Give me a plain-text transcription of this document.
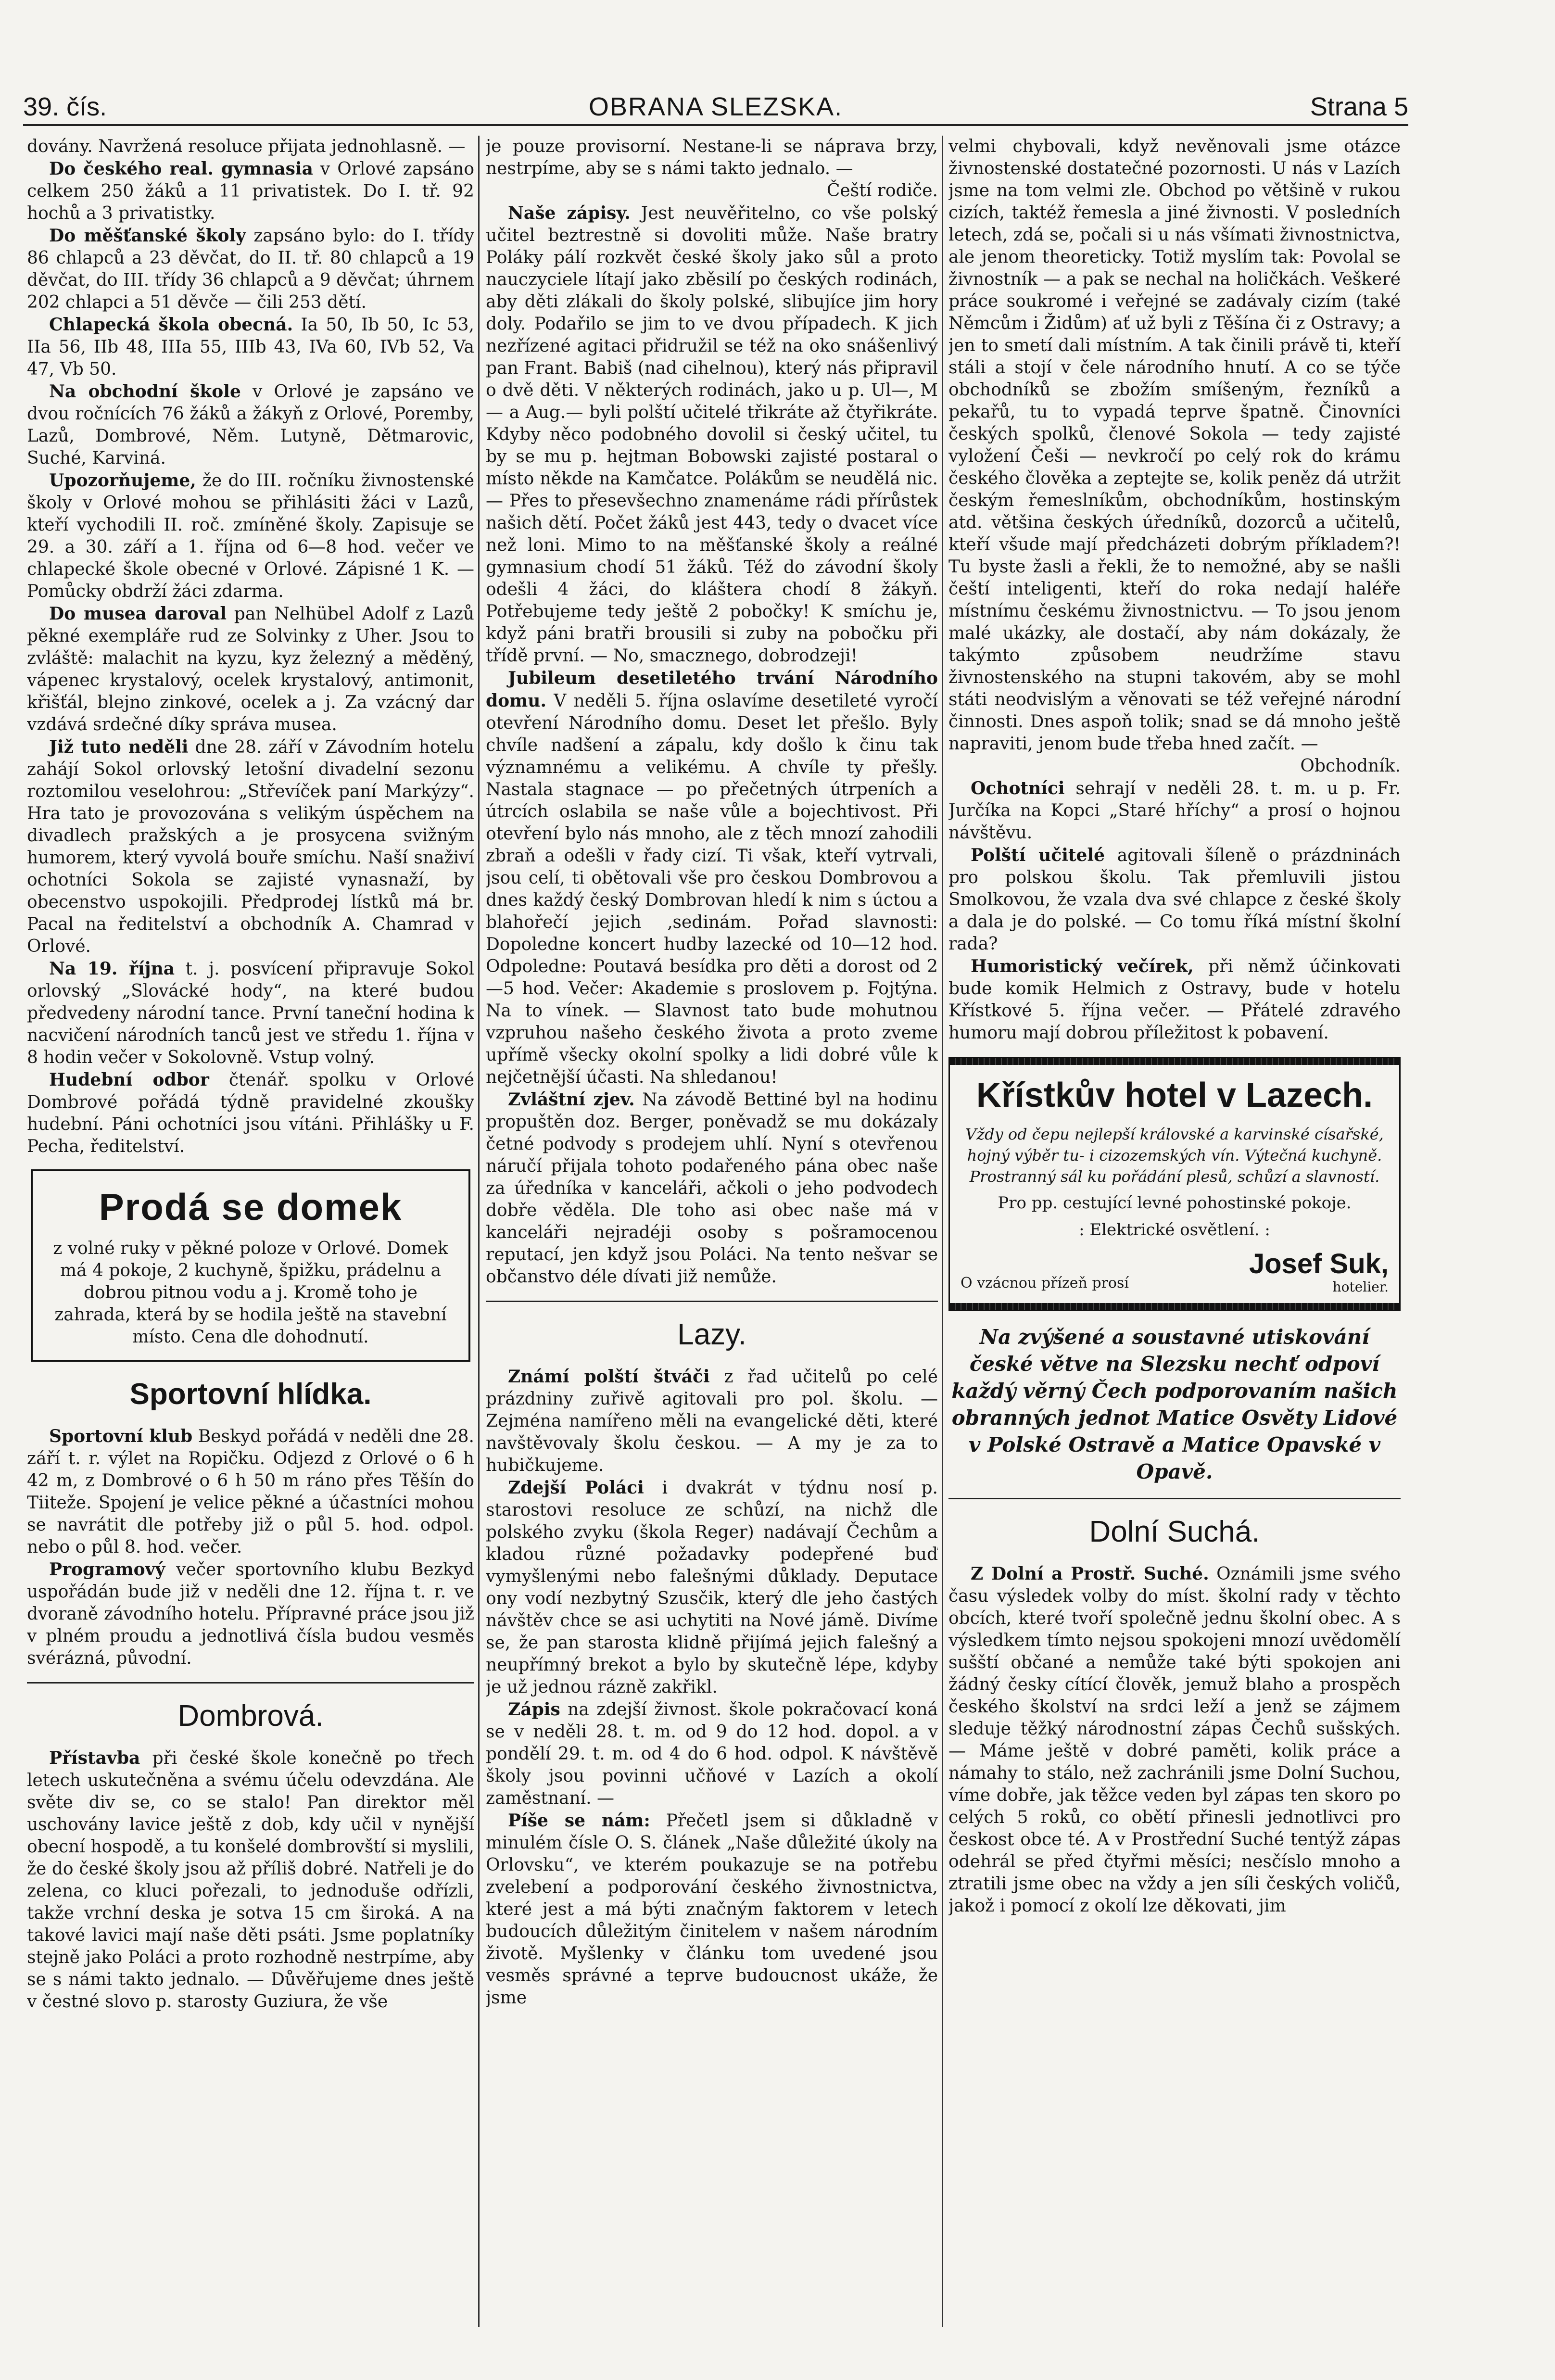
39. čís.	OBRANA SLEZSKA.	Strana 5

dovány. Navržená resoluce přijata jednohlasně. —

Do českého real. gymnasia v Orlové zapsáno celkem 250 žáků a 11 privatistek. Do I. tř. 92 hochů a 3 privatistky.

Do měšťanské školy zapsáno bylo: do I. třídy 86 chlapců a 23 děvčat, do II. tř. 80 chlapců a 19 děvčat, do III. třídy 36 chlapců a 9 děvčat; úhrnem 202 chlapci a 51 děvče — čili 253 dětí.

Chlapecká škola obecná. Ia 50, Ib 50, Ic 53, IIa 56, IIb 48, IIIa 55, IIIb 43, IVa 60, IVb 52, Va 47, Vb 50.

Na obchodní škole v Orlové je zapsáno ve dvou ročnících 76 žáků a žákyň z Orlové, Poremby, Lazů, Dombrové, Něm. Lutyně, Dětmarovic, Suché, Karviná.

Upozorňujeme, že do III. ročníku živnostenské školy v Orlové mohou se přihlásiti žáci v Lazů, kteří vychodili II. roč. zmíněné školy. Zapisuje se 29. a 30. září a 1. října od 6—8 hod. večer ve chlapecké škole obecné v Orlové. Zápisné 1 K. — Pomůcky obdrží žáci zdarma.

Do musea daroval pan Nelhübel Adolf z Lazů pěkné exempláře rud ze Solvinky z Uher. Jsou to zvláště: malachit na kyzu, kyz železný a měděný, vápenec krystalový, ocelek krystalový, antimonit, křišťál, blejno zinkové, ocelek a j. Za vzácný dar vzdává srdečné díky správa musea.

Již tuto neděli dne 28. září v Závodním hotelu zahájí Sokol orlovský letošní divadelní sezonu roztomilou veselohrou: „Střevíček paní Markýzy“. Hra tato je provozována s velikým úspěchem na divadlech pražských a je prosycena svižným humorem, který vyvolá bouře smíchu. Naší snaživí ochotníci Sokola se zajisté vynasnaží, by obecenstvo uspokojili. Předprodej lístků má br. Pacal na ředitelství a obchodník A. Chamrad v Orlové.

Na 19. října t. j. posvícení připravuje Sokol orlovský „Slovácké hody“, na které budou předvedeny národní tance. První taneční hodina k nacvičení národních tanců jest ve středu 1. října v 8 hodin večer v Sokolovně. Vstup volný.

Hudební odbor čtenář. spolku v Orlové Dombrové pořádá týdně pravidelné zkoušky hudební. Páni ochotníci jsou vítáni. Přihlášky u F. Pecha, ředitelství.

Prodá se domek
z volné ruky v pěkné poloze v Orlové. Domek má 4 pokoje, 2 kuchyně, špižku, prádelnu a dobrou pitnou vodu a j. Kromě toho je zahrada, která by se hodila ještě na stavební místo. Cena dle dohodnutí.
Sportovní hlídka.

Sportovní klub Beskyd pořádá v neděli dne 28. září t. r. výlet na Ropičku. Odjezd z Orlové o 6 h 42 m, z Dombrové o 6 h 50 m ráno přes Těšín do Tiiteže. Spojení je velice pěkné a účastníci mohou se navrátit dle potřeby již o půl 5. hod. odpol. nebo o půl 8. hod. večer.

Programový večer sportovního klubu Bezkyd uspořádán bude již v neděli dne 12. října t. r. ve dvoraně závodního hotelu. Přípravné práce jsou již v plném proudu a jednotlivá čísla budou vesměs svérázná, původní.

Dombrová.

Přístavba při české škole konečně po třech letech uskutečněna a svému účelu odevzdána. Ale světe div se, co se stalo! Pan direktor měl uschovány lavice ještě z dob, kdy učil v nynější obecní hospodě, a tu konšelé dombrovští si myslili, že do české školy jsou až příliš dobré. Natřeli je do zelena, co kluci pořezali, to jednoduše odřízli, takže vrchní deska je sotva 15 cm široká. A na takové lavici mají naše děti psáti. Jsme poplatníky stejně jako Poláci a proto rozhodně nestrpíme, aby se s námi takto jednalo. — Důvěřujeme dnes ještě v čestné slovo p. starosty Guziura, že vše

je pouze provisorní. Nestane-li se náprava brzy, nestrpíme, aby se s námi takto jednalo. —

Čeští rodiče.

Naše zápisy. Jest neuvěřitelno, co vše polský učitel beztrestně si dovoliti může. Naše bratry Poláky pálí rozkvět české školy jako sůl a proto nauczyciele lítají jako zběsilí po českých rodinách, aby děti zlákali do školy polské, slibujíce jim hory doly. Podařilo se jim to ve dvou případech. K jich nezřízené agitaci přidružil se též na oko snášenlivý pan Frant. Babiš (nad cihelnou), který nás připravil o dvě děti. V některých rodinách, jako u p. Ul—, M— a Aug.— byli polští učitelé třikráte až čtyřikráte. Kdyby něco podobného dovolil si český učitel, tu by se mu p. hejtman Bobowski zajisté postaral o místo někde na Kamčatce. Polákům se neudělá nic. — Přes to přesevšechno znamenáme rádi přírůstek našich dětí. Počet žáků jest 443, tedy o dvacet více než loni. Mimo to na měšťanské školy a reálné gymnasium chodí 51 žáků. Též do závodní školy odešli 4 žáci, do kláštera chodí 8 žákyň. Potřebujeme tedy ještě 2 pobočky! K smíchu je, když páni bratři brousili si zuby na pobočku při třídě první. — No, smacznego, dobrodzeji!

Jubileum desetiletého trvání Národního domu. V neděli 5. října oslavíme desetileté vyročí otevření Národního domu. Deset let přešlo. Byly chvíle nadšení a zápalu, kdy došlo k činu tak významnému a velikému. A chvíle ty přešly. Nastala stagnace — po přečetných útrpeních a útrcích oslabila se naše vůle a bojechtivost. Při otevření bylo nás mnoho, ale z těch mnozí zahodili zbraň a odešli v řady cizí. Ti však, kteří vytrvali, jsou celí, ti obětovali vše pro českou Dombrovou a dnes každý český Dombrovan hledí k nim s úctou a blahořečí jejich ‚sedinám. Pořad slavnosti: Dopoledne koncert hudby lazecké od 10—12 hod. Odpoledne: Poutavá besídka pro děti a dorost od 2—5 hod. Večer: Akademie s proslovem p. Fojtýna. Na to vínek. — Slavnost tato bude mohutnou vzpruhou našeho českého života a proto zveme upřímě všecky okolní spolky a lidi dobré vůle k nejčetnější účasti. Na shledanou!

Zvláštní zjev. Na závodě Bettiné byl na hodinu propuštěn doz. Berger, poněvadž se mu dokázaly četné podvody s prodejem uhlí. Nyní s otevřenou náručí přijala tohoto podařeného pána obec naše za úředníka v kanceláři, ačkoli o jeho podvodech dobře věděla. Dle toho asi obec naše má v kanceláři nejradéji osoby s pošramocenou reputací, jen když jsou Poláci. Na tento nešvar se občanstvo déle dívati již nemůže.

Lazy.

Známí polští štváči z řad učitelů po celé prázdniny zuřivě agitovali pro pol. školu. — Zejména namířeno měli na evangelické děti, které navštěvovaly školu českou. — A my je za to hubičkujeme.

Zdejší Poláci i dvakrát v týdnu nosí p. starostovi resoluce ze schůzí, na nichž dle polského zvyku (škola Reger) nadávají Čechům a kladou různé požadavky podepřené buď vymyšlenými nebo falešnými důklady. Deputace ony vodí nezbytný Szusčik, který dle jeho častých návštěv chce se asi uchytiti na Nové jámě. Divíme se, že pan starosta klidně přijímá jejich falešný a neupřímný brekot a bylo by skutečně lépe, kdyby je už jednou rázně zakřikl.

Zápis na zdejší živnost. škole pokračovací koná se v neděli 28. t. m. od 9 do 12 hod. dopol. a v pondělí 29. t. m. od 4 do 6 hod. odpol. K návštěvě školy jsou povinni učňové v Lazích a okolí zaměstnaní. —

Píše se nám: Přečetl jsem si důkladně v minulém čísle O. S. článek „Naše důležité úkoly na Orlovsku“, ve kterém poukazuje se na potřebu zvelebení a podporování českého živnostnictva, které jest a má býti značným faktorem v letech budoucích důležitým činitelem v našem národním životě. Myšlenky v článku tom uvedené jsou vesměs správné a teprve budoucnost ukáže, že jsme

velmi chybovali, když nevěnovali jsme otázce živnostenské dostatečné pozornosti. U nás v Lazích jsme na tom velmi zle. Obchod po většině v rukou cizích, taktéž řemesla a jiné živnosti. V posledních letech, zdá se, počali si u nás všímati živnostnictva, ale jenom theoreticky. Totiž myslím tak: Povolal se živnostník — a pak se nechal na holičkách. Veškeré práce soukromé i veřejné se zadávaly cizím (také Němcům i Židům) ať už byli z Těšína či z Ostravy; a jen to smetí dali místním. A tak činili právě ti, kteří stáli a stojí v čele národního hnutí. A co se týče obchodníků se zbožím smíšeným, řezníků a pekařů, tu to vypadá teprve špatně. Činovníci českých spolků, členové Sokola — tedy zajisté vyložení Češi — nevkročí po celý rok do krámu českého člověka a zeptejte se, kolik peněz dá utržit českým řemeslníkům, obchodníkům, hostinským atd. většina českých úředníků, dozorců a učitelů, kteří všude mají předcházeti dobrým příkladem?! Tu byste žasli a řekli, že to nemožné, aby se našli čeští inteligenti, kteří do roka nedají haléře místnímu českému živnostnictvu. — To jsou jenom malé ukázky, ale dostačí, aby nám dokázaly, že takýmto způsobem neudržíme stavu živnostenského na stupni takovém, aby se mohl státi neodvislým a věnovati se též veřejné národní činnosti. Dnes aspoň tolik; snad se dá mnoho ještě napraviti, jenom bude třeba hned začít. —

Obchodník.

Ochotníci sehrají v neděli 28. t. m. u p. Fr. Jurčíka na Kopci „Staré hříchy“ a prosí o hojnou návštěvu.

Polští učitelé agitovali šíleně o prázdninách pro polskou školu. Tak přemluvili jistou Smolkovou, že vzala dva své chlapce z české školy a dala je do polské. — Co tomu říká místní školní rada?

Humoristický večírek, při němž účinkovati bude komik Helmich z Ostravy, bude v hotelu Křístkové 5. října večer. — Přátelé zdravého humoru mají dobrou příležitost k pobavení.

Křístkův hotel v Lazech.
Vždy od čepu nejlepší královské a karvinské císařské, hojný výběr tu- i cizozemských vín. Výtečná kuchyně. Prostranný sál ku pořádání plesů, schůzí a slavností.
Pro pp. cestující levné pohostinské pokoje.
: Elektrické osvětlení. :
O vzácnou přízeň prosí
Josef Suk,
hotelier.
Na zvýšené a soustavné utiskování české větve na Slezsku nechť odpoví každý věrný Čech podporovaním našich obranných jednot Matice Osvěty Lidové v Polské Ostravě a Matice Opavské v Opavě.
Dolní Suchá.

Z Dolní a Prostř. Suché. Oznámili jsme svého času výsledek volby do míst. školní rady v těchto obcích, které tvoří společně jednu školní obec. A s výsledkem tímto nejsou spokojeni mnozí uvědomělí sušští občané a nemůže také býti spokojen ani žádný česky cítící člověk, jemuž blaho a prospěch českého školství na srdci leží a jenž se zájmem sleduje těžký národnostní zápas Čechů sušských. — Máme ještě v dobré paměti, kolik práce a námahy to stálo, než zachránili jsme Dolní Suchou, víme dobře, jak těžce veden byl zápas ten skoro po celých 5 roků, co obětí přinesli jednotlivci pro českost obce té. A v Prostřední Suché tentýž zápas odehrál se před čtyřmi měsíci; nesčíslo mnoho a ztratili jsme obec na vždy a jen síli českých voličů, jakož i pomocí z okolí lze děkovati, jim
